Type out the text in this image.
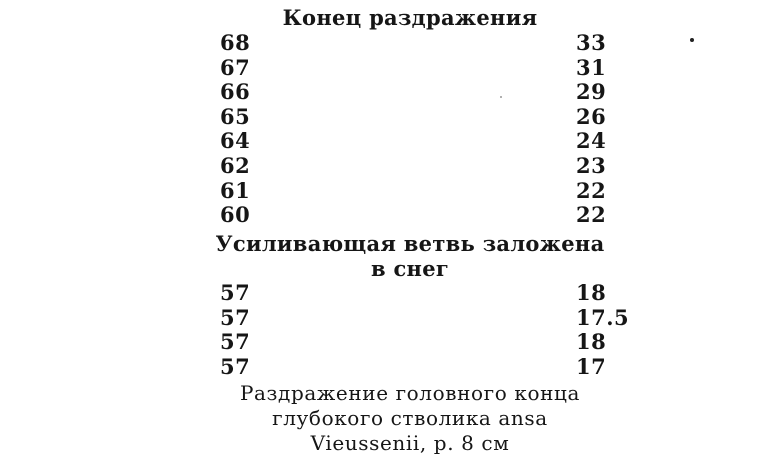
Конец раздражения
68	33
67	31
66	29
65	26
64	24
62	23
61	22
60	22
Усиливающая ветвь заложена
в снег
57	18
57	17.5
57	18
57	17
Раздражение головного конца
глубокого стволика ansa
Vieussenii, р. 8 см
